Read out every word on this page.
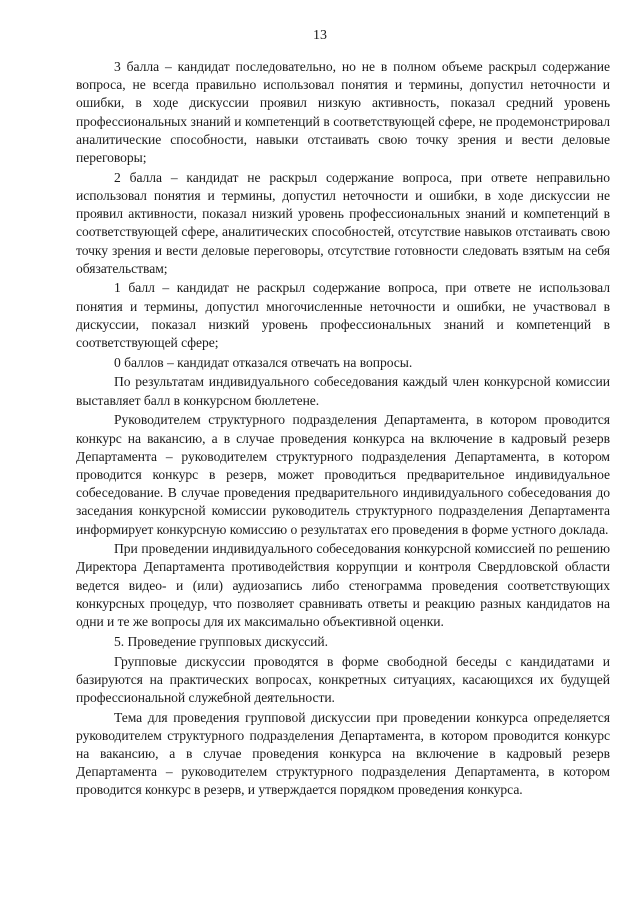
13

3 балла – кандидат последовательно, но не в полном объеме раскрыл содержание вопроса, не всегда правильно использовал понятия и термины, допустил неточности и ошибки, в ходе дискуссии проявил низкую активность, показал средний уровень профессиональных знаний и компетенций в соответствующей сфере, не продемонстрировал аналитические способности, навыки отстаивать свою точку зрения и вести деловые переговоры;

2 балла – кандидат не раскрыл содержание вопроса, при ответе неправильно использовал понятия и термины, допустил неточности и ошибки, в ходе дискуссии не проявил активности, показал низкий уровень профессиональных знаний и компетенций в соответствующей сфере, аналитических способностей, отсутствие навыков отстаивать свою точку зрения и вести деловые переговоры, отсутствие готовности следовать взятым на себя обязательствам;

1 балл – кандидат не раскрыл содержание вопроса, при ответе не использовал понятия и термины, допустил многочисленные неточности и ошибки, не участвовал в дискуссии, показал низкий уровень профессиональных знаний и компетенций в соответствующей сфере;

0 баллов – кандидат отказался отвечать на вопросы.

По результатам индивидуального собеседования каждый член конкурсной комиссии выставляет балл в конкурсном бюллетене.

Руководителем структурного подразделения Департамента, в котором проводится конкурс на вакансию, а в случае проведения конкурса на включение в кадровый резерв Департамента – руководителем структурного подразделения Департамента, в котором проводится конкурс в резерв, может проводиться предварительное индивидуальное собеседование. В случае проведения предварительного индивидуального собеседования до заседания конкурсной комиссии руководитель структурного подразделения Департамента информирует конкурсную комиссию о результатах его проведения в форме устного доклада.

При проведении индивидуального собеседования конкурсной комиссией по решению Директора Департамента противодействия коррупции и контроля Свердловской области ведется видео- и (или) аудиозапись либо стенограмма проведения соответствующих конкурсных процедур, что позволяет сравнивать ответы и реакцию разных кандидатов на одни и те же вопросы для их максимально объективной оценки.

5. Проведение групповых дискуссий.

Групповые дискуссии проводятся в форме свободной беседы с кандидатами и базируются на практических вопросах, конкретных ситуациях, касающихся их будущей профессиональной служебной деятельности.

Тема для проведения групповой дискуссии при проведении конкурса определяется руководителем структурного подразделения Департамента, в котором проводится конкурс на вакансию, а в случае проведения конкурса на включение в кадровый резерв Департамента – руководителем структурного подразделения Департамента, в котором проводится конкурс в резерв, и утверждается порядком проведения конкурса.
